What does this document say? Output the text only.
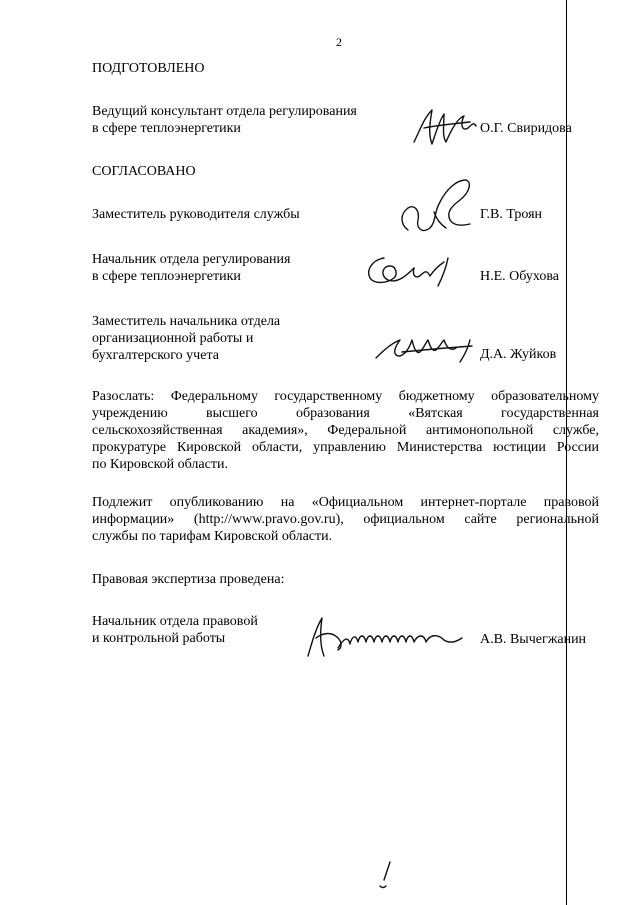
2
ПОДГОТОВЛЕНО
Ведущий консультант отдела регулирования
в сфере теплоэнергетики	О.Г. Свиридова
СОГЛАСОВАНО
Заместитель руководителя службы	Г.В. Троян
Начальник отдела регулирования
в сфере теплоэнергетики	Н.Е. Обухова
Заместитель начальника отдела
организационной работы и
бухгалтерского учета	Д.А. Жуйков
Разослать: Федеральному государственному бюджетному образовательному
учреждению высшего образования «Вятская государственная
сельскохозяйственная академия», Федеральной антимонопольной службе,
прокуратуре Кировской области, управлению Министерства юстиции России
по Кировской области.
Подлежит опубликованию на «Официальном интернет-портале правовой
информации» (http://www.pravo.gov.ru), официальном сайте региональной
службы по тарифам Кировской области.
Правовая экспертиза проведена:
Начальник отдела правовой
и контрольной работы	А.В. Вычегжанин
